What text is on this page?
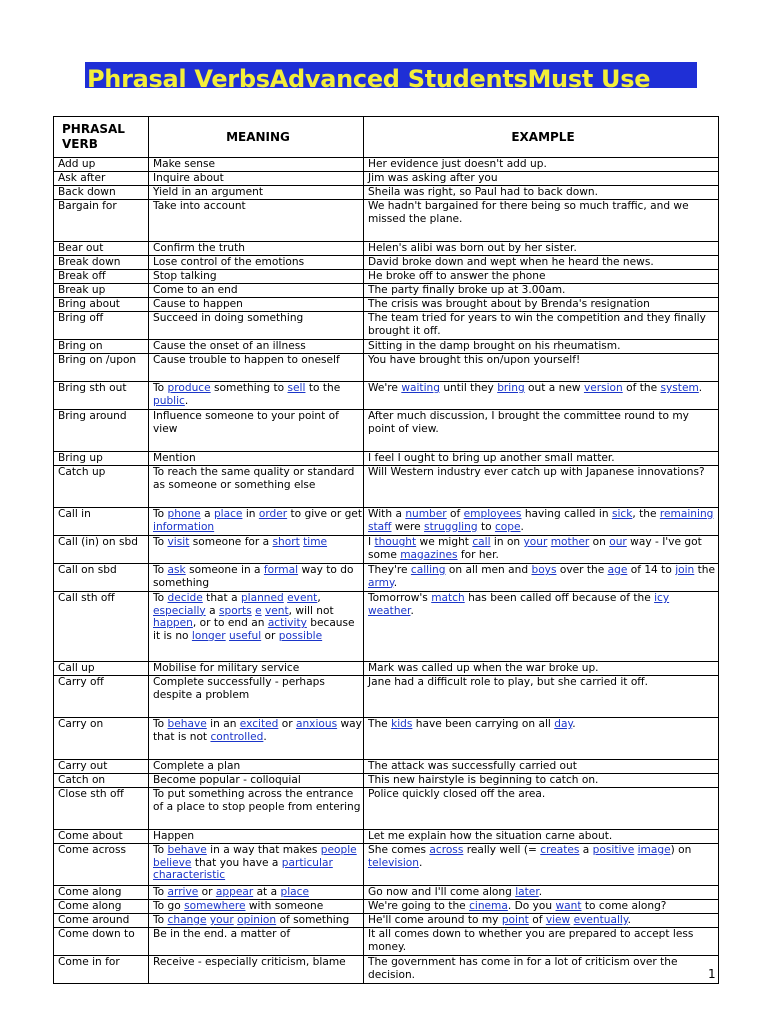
Phrasal VerbsAdvanced StudentsMust Use
PHRASAL VERB	MEANING	EXAMPLE
Add up	Make sense	Her evidence just doesn't add up.
Ask after	Inquire about	Jim was asking after you
Back down	Yield in an argument	Sheila was right, so Paul had to back down.
Bargain for	Take into account	We hadn't bargained for there being so much traffic, and we missed the plane.
Bear out	Confirm the truth	Helen's alibi was born out by her sister.
Break down	Lose control of the emotions	David broke down and wept when he heard the news.
Break off	Stop talking	He broke off to answer the phone
Break up	Come to an end	The party finally broke up at 3.00am.
Bring about	Cause to happen	The crisis was brought about by Brenda's resignation
Bring off	Succeed in doing something	The team tried for years to win the competition and they finally brought it off.
Bring on	Cause the onset of an illness	Sitting in the damp brought on his rheumatism.
Bring on /upon	Cause trouble to happen to oneself	You have brought this on/upon yourself!
Bring sth out	To produce something to sell to the public.	We're waiting until they bring out a new version of the system.
Bring around	Influence someone to your point of view	After much discussion, I brought the committee round to my point of view.
Bring up	Mention	I feel I ought to bring up another small matter.
Catch up	To reach the same quality or standard as someone or something else	Will Western industry ever catch up with Japanese innovations?
Call in	To phone a place in order to give or get information	With a number of employees having called in sick, the remaining staff were struggling to cope.
Call (in) on sbd	To visit someone for a short time	I thought we might call in on your mother on our way - I've got some magazines for her.
Call on sbd	To ask someone in a formal way to do something	They're calling on all men and boys over the age of 14 to join the army.
Call sth off	To decide that a planned event, especially a sports e vent, will not happen, or to end an activity because it is no longer useful or possible	Tomorrow's match has been called off because of the icy weather.
Call up	Mobilise for military service	Mark was called up when the war broke up.
Carry off	Complete successfully - perhaps despite a problem	Jane had a difficult role to play, but she carried it off.
Carry on	To behave in an excited or anxious way that is not controlled.	The kids have been carrying on all day.
Carry out	Complete a plan	The attack was successfully carried out
Catch on	Become popular - colloquial	This new hairstyle is beginning to catch on.
Close sth off	To put something across the entrance of a place to stop people from entering	Police quickly closed off the area.
Come about	Happen	Let me explain how the situation carne about.
Come across	To behave in a way that makes people believe that you have a particular characteristic	She comes across really well (= creates a positive image) on television.
Come along	To arrive or appear at a place	Go now and I'll come along later.
Come along	To go somewhere with someone	We're going to the cinema. Do you want to come along?
Come around	To change your opinion of something	He'll come around to my point of view eventually.
Come down to	Be in the end. a matter of	It all comes down to whether you are prepared to accept less money.
Come in for	Receive - especially criticism, blame	The government has come in for a lot of criticism over the decision.	1
